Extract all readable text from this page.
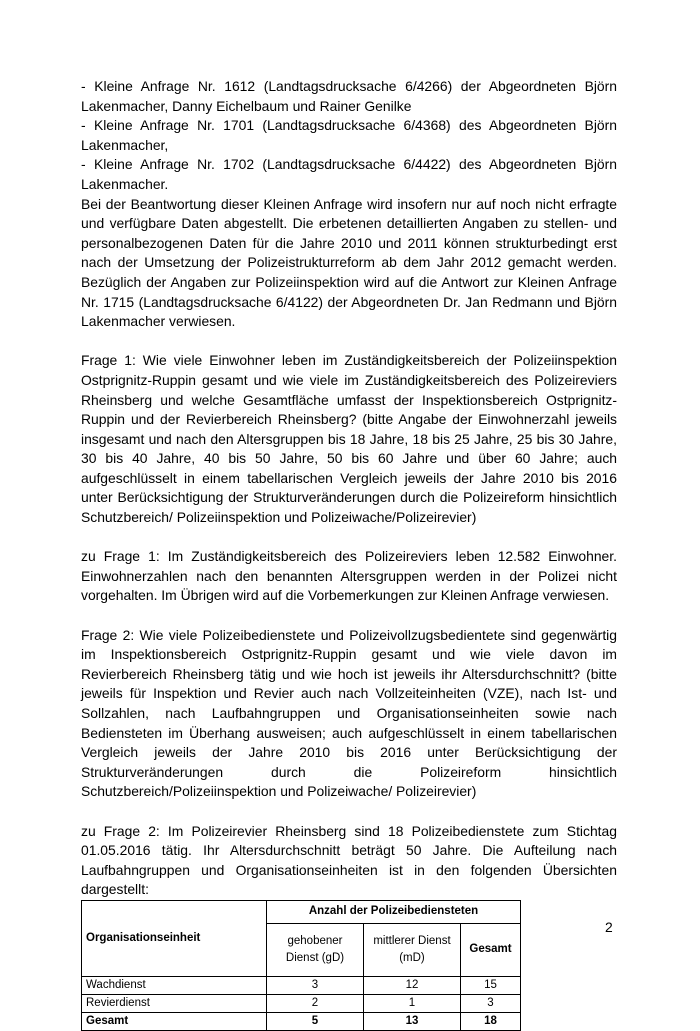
- Kleine Anfrage Nr. 1612 (Landtagsdrucksache 6/4266) der Abgeordneten Björn Lakenmacher, Danny Eichelbaum und Rainer Genilke

- Kleine Anfrage Nr. 1701 (Landtagsdrucksache 6/4368) des Abgeordneten Björn Lakenmacher,

- Kleine Anfrage Nr. 1702 (Landtagsdrucksache 6/4422) des Abgeordneten Björn Lakenmacher.

Bei der Beantwortung dieser Kleinen Anfrage wird insofern nur auf noch nicht erfragte und verfügbare Daten abgestellt. Die erbetenen detaillierten Angaben zu stellen- und personalbezogenen Daten für die Jahre 2010 und 2011 können strukturbedingt erst nach der Umsetzung der Polizeistrukturreform ab dem Jahr 2012 gemacht werden. Bezüglich der Angaben zur Polizeiinspektion wird auf die Antwort zur Kleinen Anfrage Nr. 1715 (Landtagsdrucksache 6/4122) der Abgeordneten Dr. Jan Redmann und Björn Lakenmacher verwiesen.

Frage 1: Wie viele Einwohner leben im Zuständigkeitsbereich der Polizeiinspektion Ostprignitz-Ruppin gesamt und wie viele im Zuständigkeitsbereich des Polizeireviers Rheinsberg und welche Gesamtfläche umfasst der Inspektionsbereich Ostprignitz-Ruppin und der Revierbereich Rheinsberg? (bitte Angabe der Einwohnerzahl jeweils insgesamt und nach den Altersgruppen bis 18 Jahre, 18 bis 25 Jahre, 25 bis 30 Jahre, 30 bis 40 Jahre, 40 bis 50 Jahre, 50 bis 60 Jahre und über 60 Jahre; auch aufgeschlüsselt in einem tabellarischen Vergleich jeweils der Jahre 2010 bis 2016 unter Berücksichtigung der Strukturveränderungen durch die Polizeireform hinsichtlich Schutzbereich/ Polizeiinspektion und Polizeiwache/Polizeirevier)

zu Frage 1: Im Zuständigkeitsbereich des Polizeireviers leben 12.582 Einwohner. Einwohnerzahlen nach den benannten Altersgruppen werden in der Polizei nicht vorgehalten. Im Übrigen wird auf die Vorbemerkungen zur Kleinen Anfrage verwiesen.

Frage 2: Wie viele Polizeibedienstete und Polizeivollzugsbedientete sind gegenwärtig im Inspektionsbereich Ostprignitz-Ruppin gesamt und wie viele davon im Revierbereich Rheinsberg tätig und wie hoch ist jeweils ihr Altersdurchschnitt? (bitte jeweils für Inspektion und Revier auch nach Vollzeiteinheiten (VZE), nach Ist- und Sollzahlen, nach Laufbahngruppen und Organisationseinheiten sowie nach Bediensteten im Überhang ausweisen; auch aufgeschlüsselt in einem tabellarischen Vergleich jeweils der Jahre 2010 bis 2016 unter Berücksichtigung der Strukturveränderungen durch die Polizeireform hinsichtlich Schutzbereich/Polizeiinspektion und Polizeiwache/ Polizeirevier)

zu Frage 2: Im Polizeirevier Rheinsberg sind 18 Polizeibedienstete zum Stichtag 01.05.2016 tätig. Ihr Altersdurchschnitt beträgt 50 Jahre. Die Aufteilung nach Laufbahngruppen und Organisationseinheiten ist in den folgenden Übersichten dargestellt:

Organisationseinheit	Anzahl der Polizeibediensteten		
	gehobener Dienst (gD)	mittlerer Dienst (mD)	Gesamt
Wachdienst	3	12	15
Revierdienst	2	1	3
Gesamt	5	13	18
2
